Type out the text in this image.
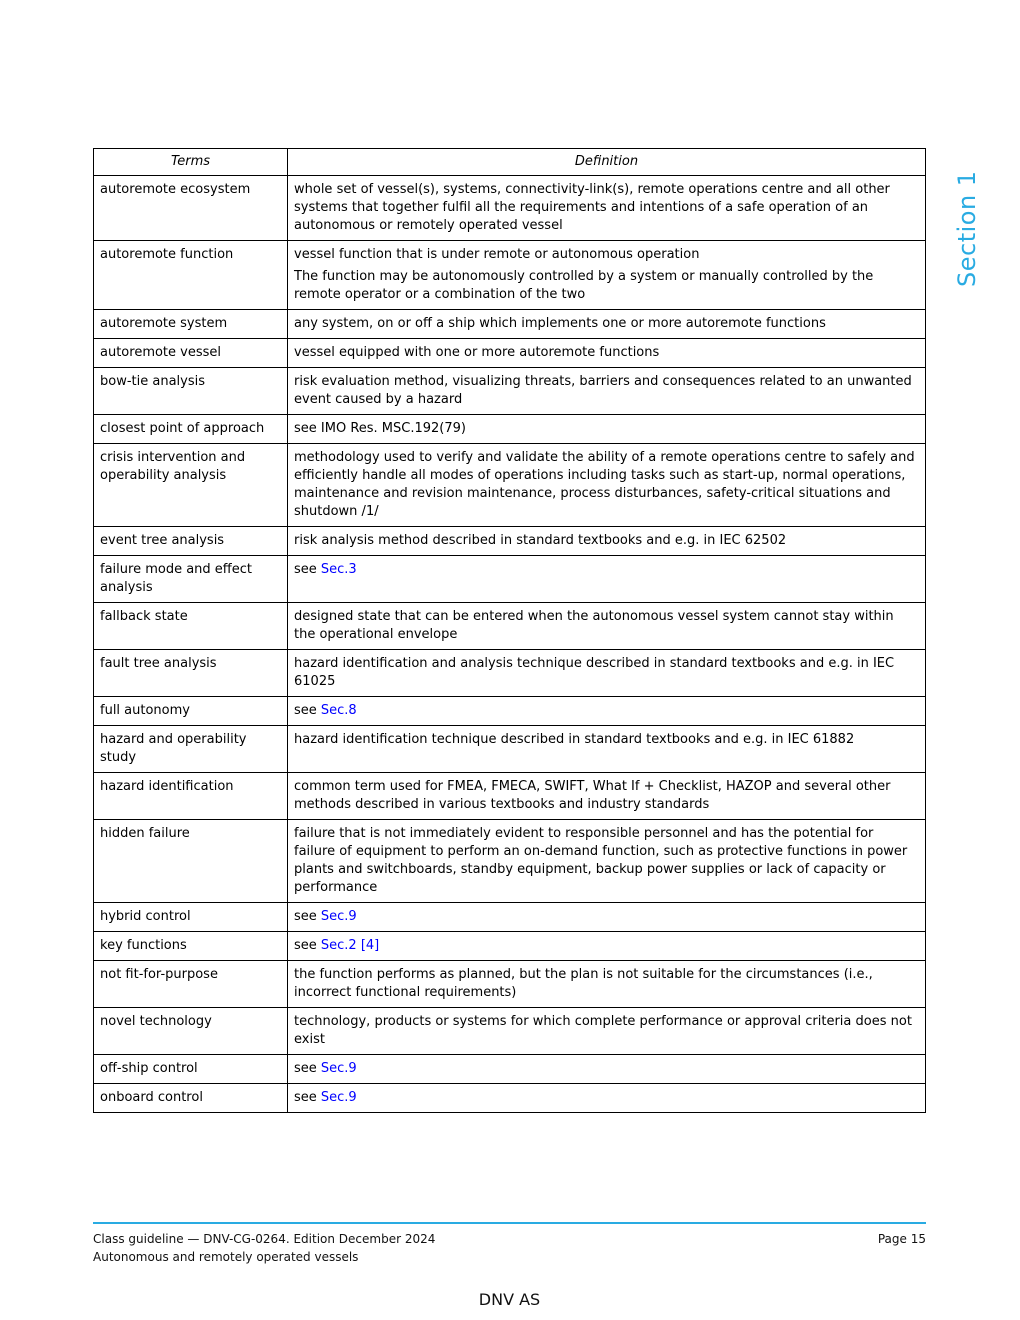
Section 1
Terms	Definition
autoremote ecosystem	whole set of vessel(s), systems, connectivity-link(s), remote operations centre and all other systems that together fulfil all the requirements and intentions of a safe operation of an autonomous or remotely operated vessel

autoremote function	vessel function that is under remote or autonomous operation

The function may be autonomously controlled by a system or manually controlled by the remote operator or a combination of the two

autoremote system	any system, on or off a ship which implements one or more autoremote functions

autoremote vessel	vessel equipped with one or more autoremote functions

bow-tie analysis	risk evaluation method, visualizing threats, barriers and consequences related to an unwanted event caused by a hazard

closest point of approach	see IMO Res. MSC.192(79)

crisis intervention and operability analysis	methodology used to verify and validate the ability of a remote operations centre to safely and efficiently handle all modes of operations including tasks such as start-up, normal operations, maintenance and revision maintenance, process disturbances, safety-critical situations and shutdown /1/

event tree analysis	risk analysis method described in standard textbooks and e.g. in IEC 62502

failure mode and effect analysis	see Sec.3

fallback state	designed state that can be entered when the autonomous vessel system cannot stay within the operational envelope

fault tree analysis	hazard identification and analysis technique described in standard textbooks and e.g. in IEC 61025

full autonomy	see Sec.8

hazard and operability study	hazard identification technique described in standard textbooks and e.g. in IEC 61882

hazard identification	common term used for FMEA, FMECA, SWIFT, What If + Checklist, HAZOP and several other methods described in various textbooks and industry standards

hidden failure	failure that is not immediately evident to responsible personnel and has the potential for failure of equipment to perform an on-demand function, such as protective functions in power plants and switchboards, standby equipment, backup power supplies or lack of capacity or performance

hybrid control	see Sec.9

key functions	see Sec.2 [4]

not fit-for-purpose	the function performs as planned, but the plan is not suitable for the circumstances (i.e., incorrect functional requirements)

novel technology	technology, products or systems for which complete performance or approval criteria does not exist

off-ship control	see Sec.9

onboard control	see Sec.9

Class guideline — DNV-CG-0264. Edition December 2024	Page 15
Autonomous and remotely operated vessels
DNV AS
